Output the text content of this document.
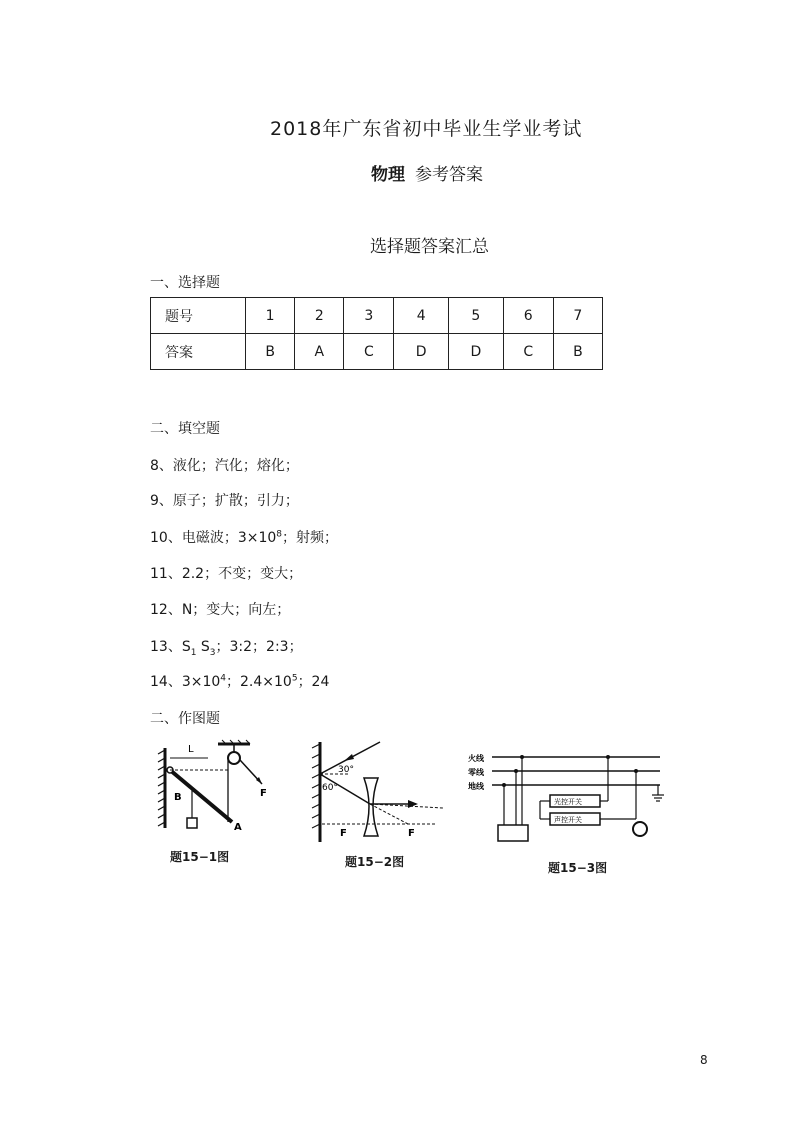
2018年广东省初中毕业生学业考试
物理 参考答案
选择题答案汇总
一、选择题
题号	1	2	3	4	5	6	7
答案	B	A	C	D	D	C	B
二、填空题
8、液化；汽化；熔化；
9、原子；扩散；引力；
10、电磁波；$3\times 10^8$；射频；
11、2.2；不变；变大；
12、N；变大；向左；
13、$S_1$ $S_3$；3:2；2:3；
14、$3\times 10^4$；$2.4\times 10^5$；24
二、作图题
L
B
A
F
题15−1图
30°
60°
F	F
题15−2图
火线
零线
地线
光控开关
声控开关
题15−3图
8
